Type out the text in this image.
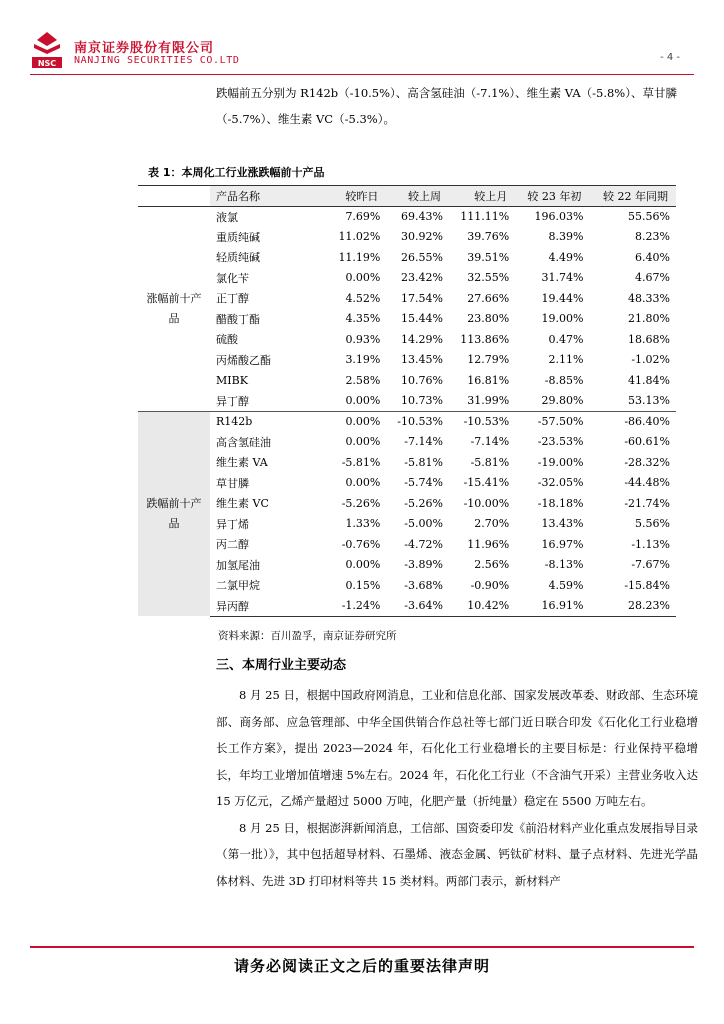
NSC
南京证券股份有限公司
NANJING SECURITIES CO.LTD	- 4 -

跌幅前五分别为 R142b（-10.5%）、高含氢硅油（-7.1%）、维生素 VA（-5.8%）、草甘膦（-5.7%）、维生素 VC（-5.3%）。

表 1：本周化工行业涨跌幅前十产品
	产品名称	较昨日	较上周	较上月	较 23 年初	较 22 年同期
涨幅前十产品	液氯	7.69%	69.43%	111.11%	196.03%	55.56%
	重质纯碱	11.02%	30.92%	39.76%	8.39%	8.23%
	轻质纯碱	11.19%	26.55%	39.51%	4.49%	6.40%
	氯化苄	0.00%	23.42%	32.55%	31.74%	4.67%
	正丁醇	4.52%	17.54%	27.66%	19.44%	48.33%
	醋酸丁酯	4.35%	15.44%	23.80%	19.00%	21.80%
	硫酸	0.93%	14.29%	113.86%	0.47%	18.68%
	丙烯酸乙酯	3.19%	13.45%	12.79%	2.11%	-1.02%
	MIBK	2.58%	10.76%	16.81%	-8.85%	41.84%
	异丁醇	0.00%	10.73%	31.99%	29.80%	53.13%
跌幅前十产品	R142b	0.00%	-10.53%	-10.53%	-57.50%	-86.40%
	高含氢硅油	0.00%	-7.14%	-7.14%	-23.53%	-60.61%
	维生素 VA	-5.81%	-5.81%	-5.81%	-19.00%	-28.32%
	草甘膦	0.00%	-5.74%	-15.41%	-32.05%	-44.48%
	维生素 VC	-5.26%	-5.26%	-10.00%	-18.18%	-21.74%
	异丁烯	1.33%	-5.00%	2.70%	13.43%	5.56%
	丙二醇	-0.76%	-4.72%	11.96%	16.97%	-1.13%
	加氢尾油	0.00%	-3.89%	2.56%	-8.13%	-7.67%
	二氯甲烷	0.15%	-3.68%	-0.90%	4.59%	-15.84%
	异丙醇	-1.24%	-3.64%	10.42%	16.91%	28.23%
资料来源：百川盈孚，南京证券研究所
三、本周行业主要动态

8 月 25 日，根据中国政府网消息，工业和信息化部、国家发展改革委、财政部、生态环境部、商务部、应急管理部、中华全国供销合作总社等七部门近日联合印发《石化化工行业稳增长工作方案》，提出 2023—2024 年，石化化工行业稳增长的主要目标是：行业保持平稳增长，年均工业增加值增速 5%左右。2024 年，石化化工行业（不含油气开采）主营业务收入达 15 万亿元，乙烯产量超过 5000 万吨，化肥产量（折纯量）稳定在 5500 万吨左右。

8 月 25 日，根据澎湃新闻消息，工信部、国资委印发《前沿材料产业化重点发展指导目录（第一批）》，其中包括超导材料、石墨烯、液态金属、钙钛矿材料、量子点材料、先进光学晶体材料、先进 3D 打印材料等共 15 类材料。两部门表示，新材料产

请务必阅读正文之后的重要法律声明
